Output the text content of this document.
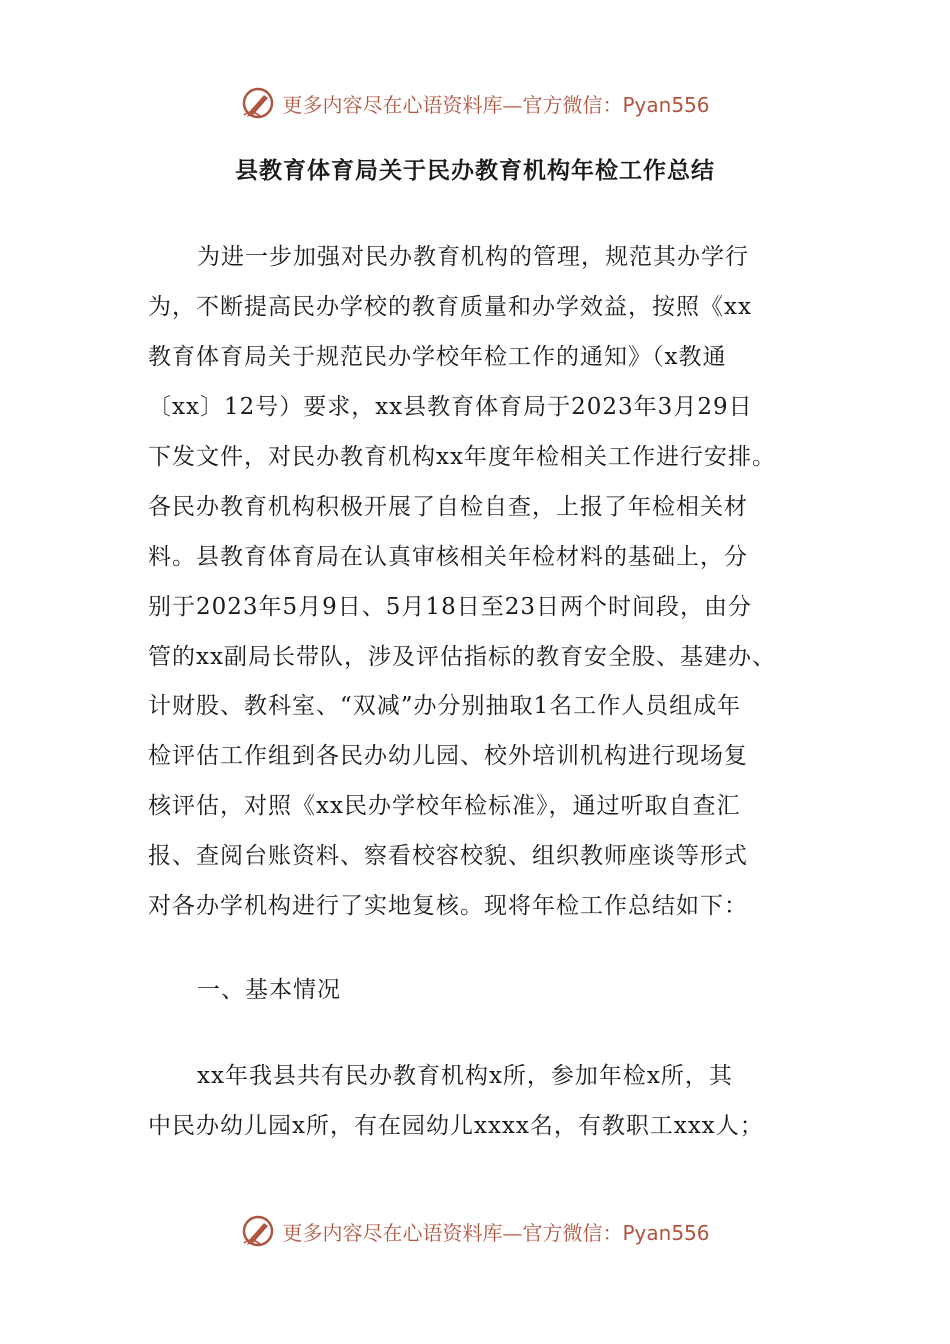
更多内容尽在心语资料库—官方微信：Pyan556
县教育体育局关于民办教育机构年检工作总结
为进一步加强对民办教育机构的管理，规范其办学行
为，不断提高民办学校的教育质量和办学效益，按照《xx
教育体育局关于规范民办学校年检工作的通知》（x教通
〔xx〕12号）要求，xx县教育体育局于2023年3月29日
下发文件，对民办教育机构xx年度年检相关工作进行安排。
各民办教育机构积极开展了自检自查，上报了年检相关材
料。县教育体育局在认真审核相关年检材料的基础上，分
别于2023年5月9日、5月18日至23日两个时间段，由分
管的xx副局长带队，涉及评估指标的教育安全股、基建办、
计财股、教科室、“双减”办分别抽取1名工作人员组成年
检评估工作组到各民办幼儿园、校外培训机构进行现场复
核评估，对照《xx民办学校年检标准》，通过听取自查汇
报、查阅台账资料、察看校容校貌、组织教师座谈等形式
对各办学机构进行了实地复核。现将年检工作总结如下：
一、基本情况
xx年我县共有民办教育机构x所，参加年检x所，其
中民办幼儿园x所，有在园幼儿xxxx名，有教职工xxx人；
更多内容尽在心语资料库—官方微信：Pyan556
